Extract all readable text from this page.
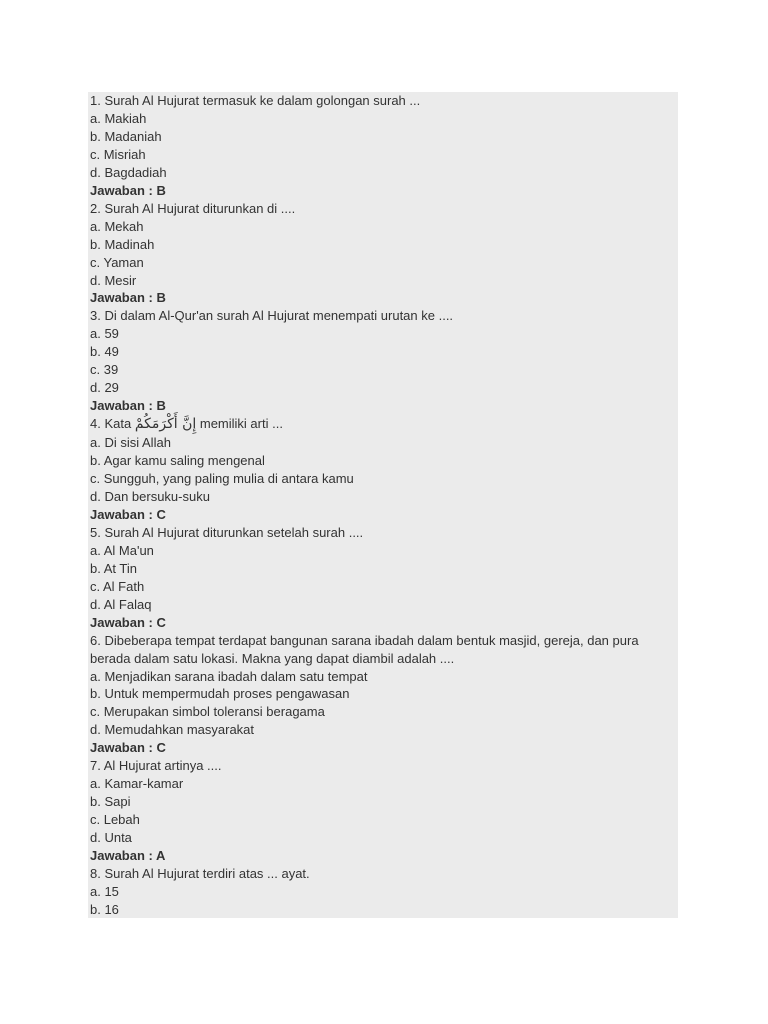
1. Surah Al Hujurat termasuk ke dalam golongan surah ...
a. Makiah
b. Madaniah
c. Misriah
d. Bagdadiah
Jawaban : B
2. Surah Al Hujurat diturunkan di ....
a. Mekah
b. Madinah
c. Yaman
d. Mesir
Jawaban : B
3. Di dalam Al-Qur'an surah Al Hujurat menempati urutan ke ....
a. 59
b. 49
c. 39
d. 29
Jawaban : B
4. Kata إِنَّ أَكْرَمَكُمْ memiliki arti ...
a. Di sisi Allah
b. Agar kamu saling mengenal
c. Sungguh, yang paling mulia di antara kamu
d. Dan bersuku-suku
Jawaban : C
5. Surah Al Hujurat diturunkan setelah surah ....
a. Al Ma'un
b. At Tin
c. Al Fath
d. Al Falaq
Jawaban : C
6. Dibeberapa tempat terdapat bangunan sarana ibadah dalam bentuk masjid, gereja, dan pura berada dalam satu lokasi. Makna yang dapat diambil adalah ....
a. Menjadikan sarana ibadah dalam satu tempat
b. Untuk mempermudah proses pengawasan
c. Merupakan simbol toleransi beragama
d. Memudahkan masyarakat
Jawaban : C
7. Al Hujurat artinya ....
a. Kamar-kamar
b. Sapi
c. Lebah
d. Unta
Jawaban : A
8. Surah Al Hujurat terdiri atas ... ayat.
a. 15
b. 16
